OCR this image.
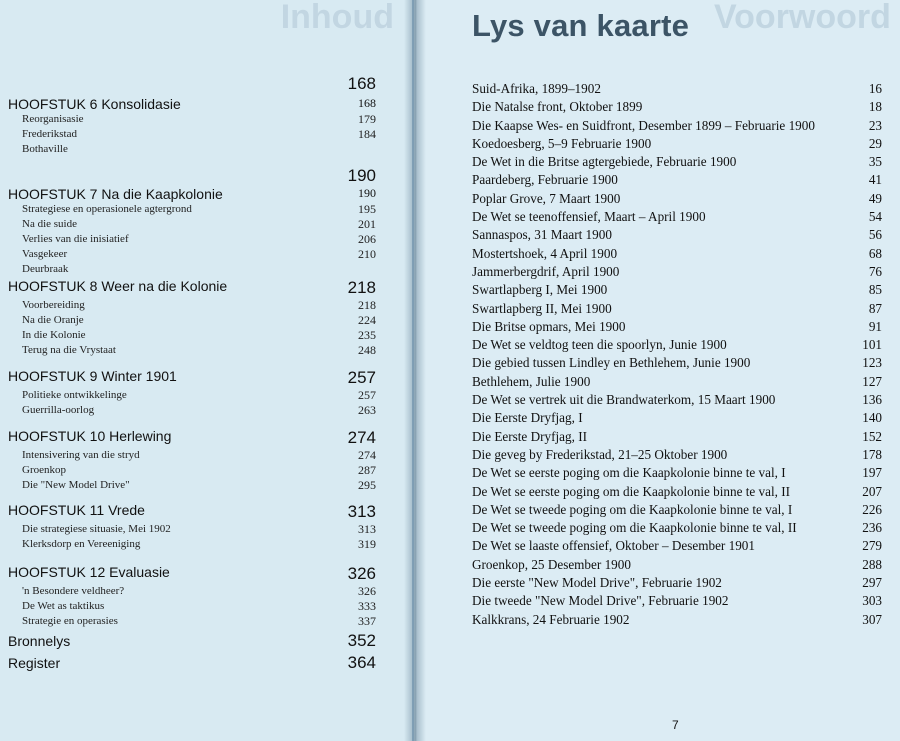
Inhoud
168
HOOFSTUK 6 Konsolidasie	168
Reorganisasie	179
Frederikstad	184
Bothaville
190
HOOFSTUK 7 Na die Kaapkolonie	190
Strategiese en operasionele agtergrond	195
Na die suide	201
Verlies van die inisiatief	206
Vasgekeer	210
Deurbraak
HOOFSTUK 8 Weer na die Kolonie	218
Voorbereiding	218
Na die Oranje	224
In die Kolonie	235
Terug na die Vrystaat	248
HOOFSTUK 9 Winter 1901	257
Politieke ontwikkelinge	257
Guerrilla-oorlog	263
HOOFSTUK 10 Herlewing	274
Intensivering van die stryd	274
Groenkop	287
Die "New Model Drive"	295
HOOFSTUK 11 Vrede	313
Die strategiese situasie, Mei 1902	313
Klerksdorp en Vereeniging	319
HOOFSTUK 12 Evaluasie	326
'n Besondere veldheer?	326
De Wet as taktikus	333
Strategie en operasies	337
Bronnelys	352
Register	364
Voorwoord
Lys van kaarte
Suid-Afrika, 1899–1902	16
Die Natalse front, Oktober 1899	18
Die Kaapse Wes- en Suidfront, Desember 1899 – Februarie 1900	23
Koedoesberg, 5–9 Februarie 1900	29
De Wet in die Britse agtergebiede, Februarie 1900	35
Paardeberg, Februarie 1900	41
Poplar Grove, 7 Maart 1900	49
De Wet se teenoffensief, Maart – April 1900	54
Sannaspos, 31 Maart 1900	56
Mostertshoek, 4 April 1900	68
Jammerbergdrif, April 1900	76
Swartlapberg I, Mei 1900	85
Swartlapberg II, Mei 1900	87
Die Britse opmars, Mei 1900	91
De Wet se veldtog teen die spoorlyn, Junie 1900	101
Die gebied tussen Lindley en Bethlehem, Junie 1900	123
Bethlehem, Julie 1900	127
De Wet se vertrek uit die Brandwaterkom, 15 Maart 1900	136
Die Eerste Dryfjag, I	140
Die Eerste Dryfjag, II	152
Die geveg by Frederikstad, 21–25 Oktober 1900	178
De Wet se eerste poging om die Kaapkolonie binne te val, I	197
De Wet se eerste poging om die Kaapkolonie binne te val, II	207
De Wet se tweede poging om die Kaapkolonie binne te val, I	226
De Wet se tweede poging om die Kaapkolonie binne te val, II	236
De Wet se laaste offensief, Oktober – Desember 1901	279
Groenkop, 25 Desember 1900	288
Die eerste "New Model Drive", Februarie 1902	297
Die tweede "New Model Drive", Februarie 1902	303
Kalkkrans, 24 Februarie 1902	307
7
